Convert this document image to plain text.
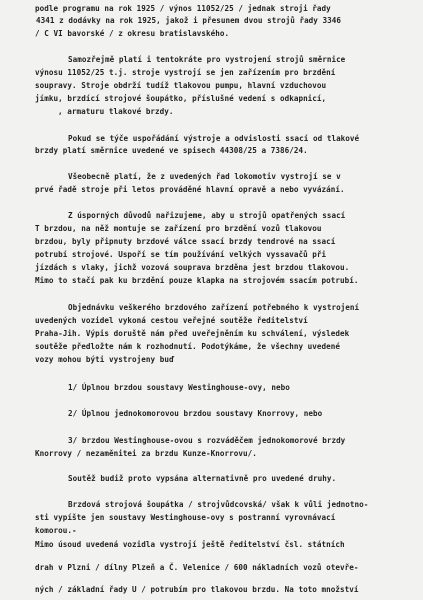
podle programu na rok 1925 / výnos 11052/25 / jednak stroji řady
4341 z dodávky na rok 1925, jakož i přesunem dvou strojů řady 3346
/ C VI bavorské / z okresu bratislavského.
Samozřejmě platí i tentokráte pro vystrojení strojů směrnice
výnosu 11052/25 t.j. stroje vystrojí se jen zařízením pro brzdění
soupravy. Stroje obdrží tudíž tlakovou pumpu, hlavní vzduchovou
jímku, brzdící strojové šoupátko, příslušné vedení s odkapnicí,
, armaturu tlakové brzdy.
Pokud se týče uspořádání výstroje a odvislosti ssací od tlakové
brzdy platí směrnice uvedené ve spisech 44308/25 a 7386/24.
Všeobecně platí, že z uvedených řad lokomotiv vystrojí se v
prvé řadě stroje při letos prováděné hlavní opravě a nebo vyvázání.
Z úsporných důvodů nařizujeme, aby u strojů opatřených ssací
T brzdou, na něž montuje se zařízení pro brzdění vozů tlakovou
brzdou, byly připnuty brzdové válce ssací brzdy tendrové na ssací
potrubí strojové. Uspoří se tím používání velkých vyssavačů při
jízdách s vlaky, jichž vozová souprava brzděna jest brzdou tlakovou.
Mimo to stačí pak ku brzdění pouze klapka na strojovém ssacím potrubí.
Objednávku veškerého brzdového zařízení potřebného k vystrojení
uvedených vozidel vykoná cestou veřejné soutěže ředitelství
Praha-Jih. Výpis doruště nám před uveřejněním ku schválení, výsledek
soutěže předložte nám k rozhodnutí. Podotýkáme, že všechny uvedené
vozy mohou býti vystrojeny buď
1/ Úplnou brzdou soustavy Westinghouse-ovy, nebo
2/ Úplnou jednokomorovou brzdou soustavy Knorrovy, nebo
3/ brzdou Westinghouse-ovou s rozváděčem jednokomorové brzdy
Knorrovy / nezaměnitei za brzdu Kunze-Knorrovu/.
Soutěž budiž proto vypsána alternativně pro uvedené druhy.
Brzdová strojová šoupátka / strojvůdcovská/ však k vůli jednotno-
sti vypíšte jen soustavy Westinghouse-ovy s postranní vyrovnávací
komorou.-
Mimo úsoud uvedená vozidla vystrojí ještě ředitelství čsl. státních
drah v Plzni / dílny Plzeň a Č. Velenice / 600 nákladních vozů otevře-
ných / základní řady U / potrubím pro tlakovou brzdu. Na toto množství
